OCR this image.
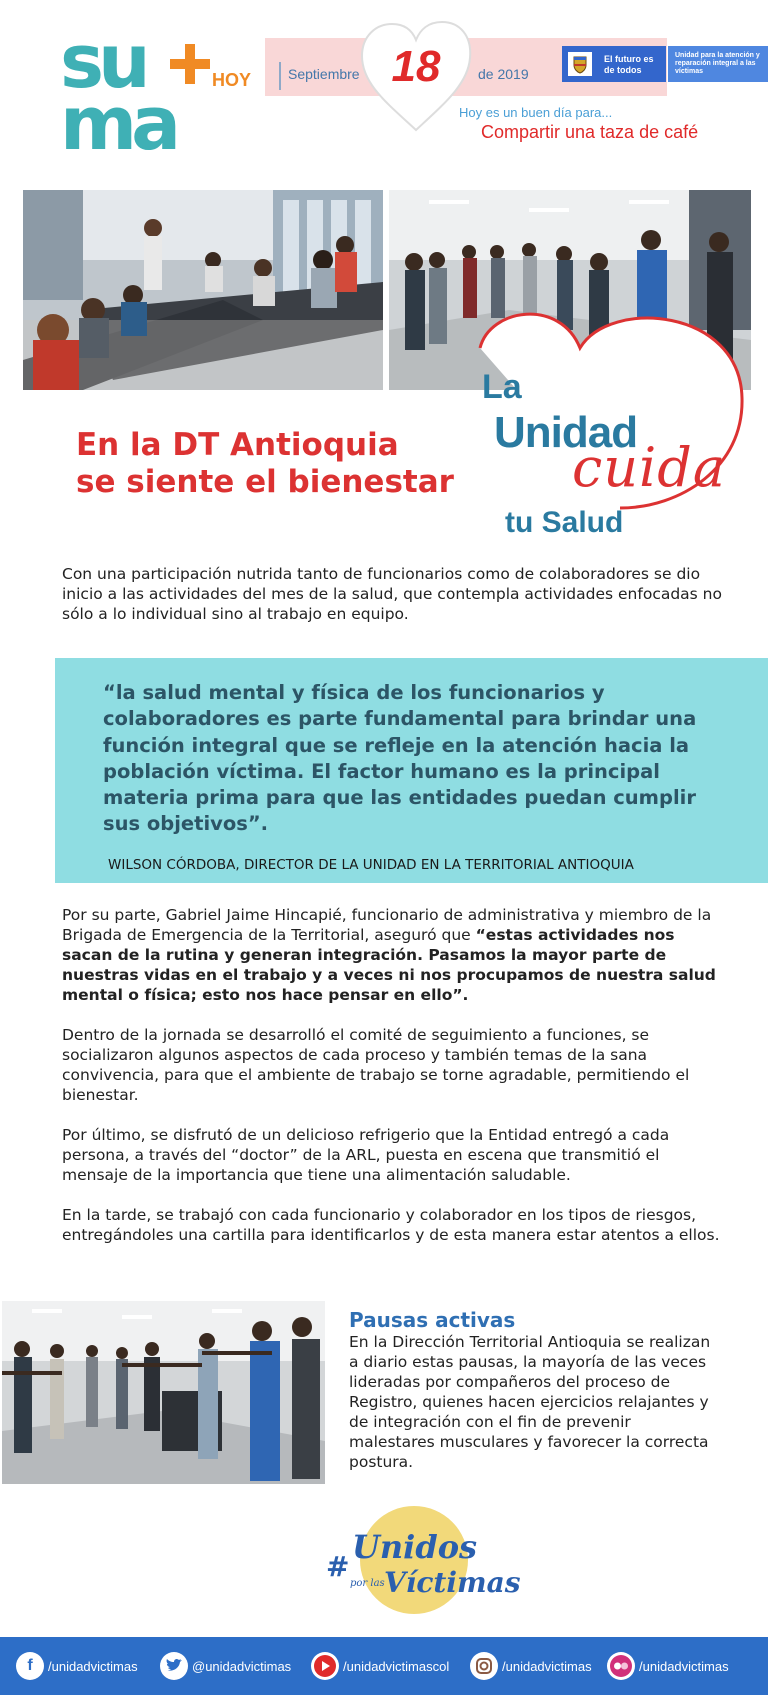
su
ma
HOY	Septiembre 18	de 2019
El futuro es de todos
Unidad para la atención y reparación integral a las víctimas
Hoy es un buen día para...
Compartir una taza de café
En la DT Antioquia
se siente el bienestar
La
Unidad
cuida
tu Salud

Con una participación nutrida tanto de funcionarios como de colaboradores se dio inicio a las actividades del mes de la salud, que contempla actividades enfocadas no sólo a lo individual sino al trabajo en equipo.

“la salud mental y física de los funcionarios y colaboradores es parte fundamental para brindar una función integral que se refleje en la atención hacia la población víctima. El factor humano es la principal materia prima para que las entidades puedan cumplir sus objetivos”.

WILSON CÓRDOBA, DIRECTOR DE LA UNIDAD EN LA TERRITORIAL ANTIOQUIA

Por su parte, Gabriel Jaime Hincapié, funcionario de administrativa y miembro de la Brigada de Emergencia de la Territorial, aseguró que “estas actividades nos sacan de la rutina y generan integración. Pasamos la mayor parte de nuestras vidas en el trabajo y a veces ni nos procupamos de nuestra salud mental o física; esto nos hace pensar en ello”.

Dentro de la jornada se desarrolló el comité de seguimiento a funciones, se socializaron algunos aspectos de cada proceso y también temas de la sana convivencia, para que el ambiente de trabajo se torne agradable, permitiendo el bienestar.

Por último, se disfrutó de un delicioso refrigerio que la Entidad entregó a cada persona, a través del “doctor” de la ARL, puesta en escena que transmitió el mensaje de la importancia que tiene una alimentación saludable.

En la tarde, se trabajó con cada funcionario y colaborador en los tipos de riesgos, entregándoles una cartilla para identificarlos y de esta manera estar atentos a ellos.

Pausas activas

En la Dirección Territorial Antioquia se realizan a diario estas pausas, la mayoría de las veces lideradas por compañeros del proceso de Registro, quienes hacen ejercicios relajantes y de integración con el fin de prevenir malestares musculares y favorecer la correcta postura.

#
Unidos
por las Víctimas
f	/unidadvictimas	@unidadvictimas	/unidadvictimascol	/unidadvictimas	/unidadvictimas
